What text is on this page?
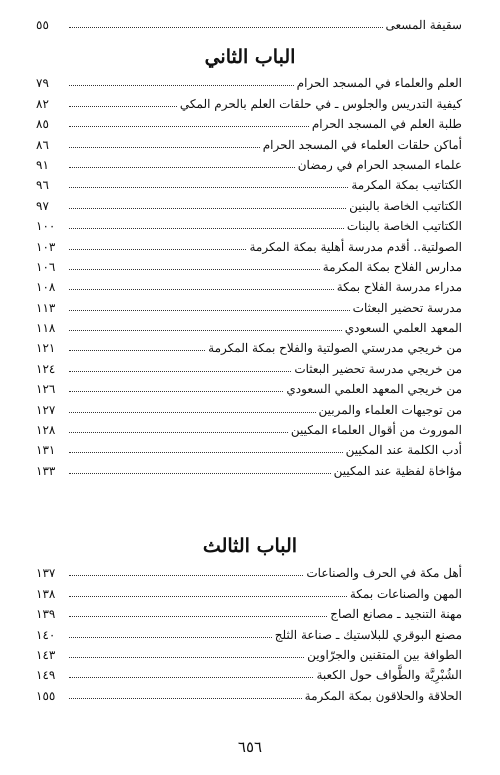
سقيفة المسعى
٥٥
الباب الثاني
العلم والعلماء في المسجد الحرام
٧٩
كيفية التدريس والجلوس ـ في حلقات العلم بالحرم المكي
٨٢
طلبة العلم في المسجد الحرام
٨٥
أماكن حلقات العلماء في المسجد الحرام
٨٦
علماء المسجد الحرام في رمضان
٩١
الكتاتيب بمكة المكرمة
٩٦
الكتاتيب الخاصة بالبنين
٩٧
الكتاتيب الخاصة بالبنات
١٠٠
الصولتية.. أقدم مدرسة أهلية بمكة المكرمة
١٠٣
مدارس الفلاح بمكة المكرمة
١٠٦
مدراء مدرسة الفلاح بمكة
١٠٨
مدرسة تحضير البعثات
١١٣
المعهد العلمي السعودي
١١٨
من خريجي مدرستي الصولتية والفلاح بمكة المكرمة
١٢١
من خريجي مدرسة تحضير البعثات
١٢٤
من خريجي المعهد العلمي السعودي
١٢٦
من توجيهات العلماء والمربين
١٢٧
الموروث من أقوال العلماء المكيين
١٢٨
أدب الكلمة عند المكيين
١٣١
مؤاخاة لفظية عند المكيين
١٣٣
الباب الثالث
أهل مكة في الحرف والصناعات
١٣٧
المهن والصناعات بمكة
١٣٨
مهنة التنجيد ـ مصانع الصاج
١٣٩
مصنع البوقري للبلاستيك ـ صناعة الثلج
١٤٠
الطوافة بين المتقنين والجرّاوين
١٤٣
الشُبْرِيَّة والطَّواف حول الكعبة
١٤٩
الحلاقة والحلاقون بمكة المكرمة
١٥٥
٦٥٦
